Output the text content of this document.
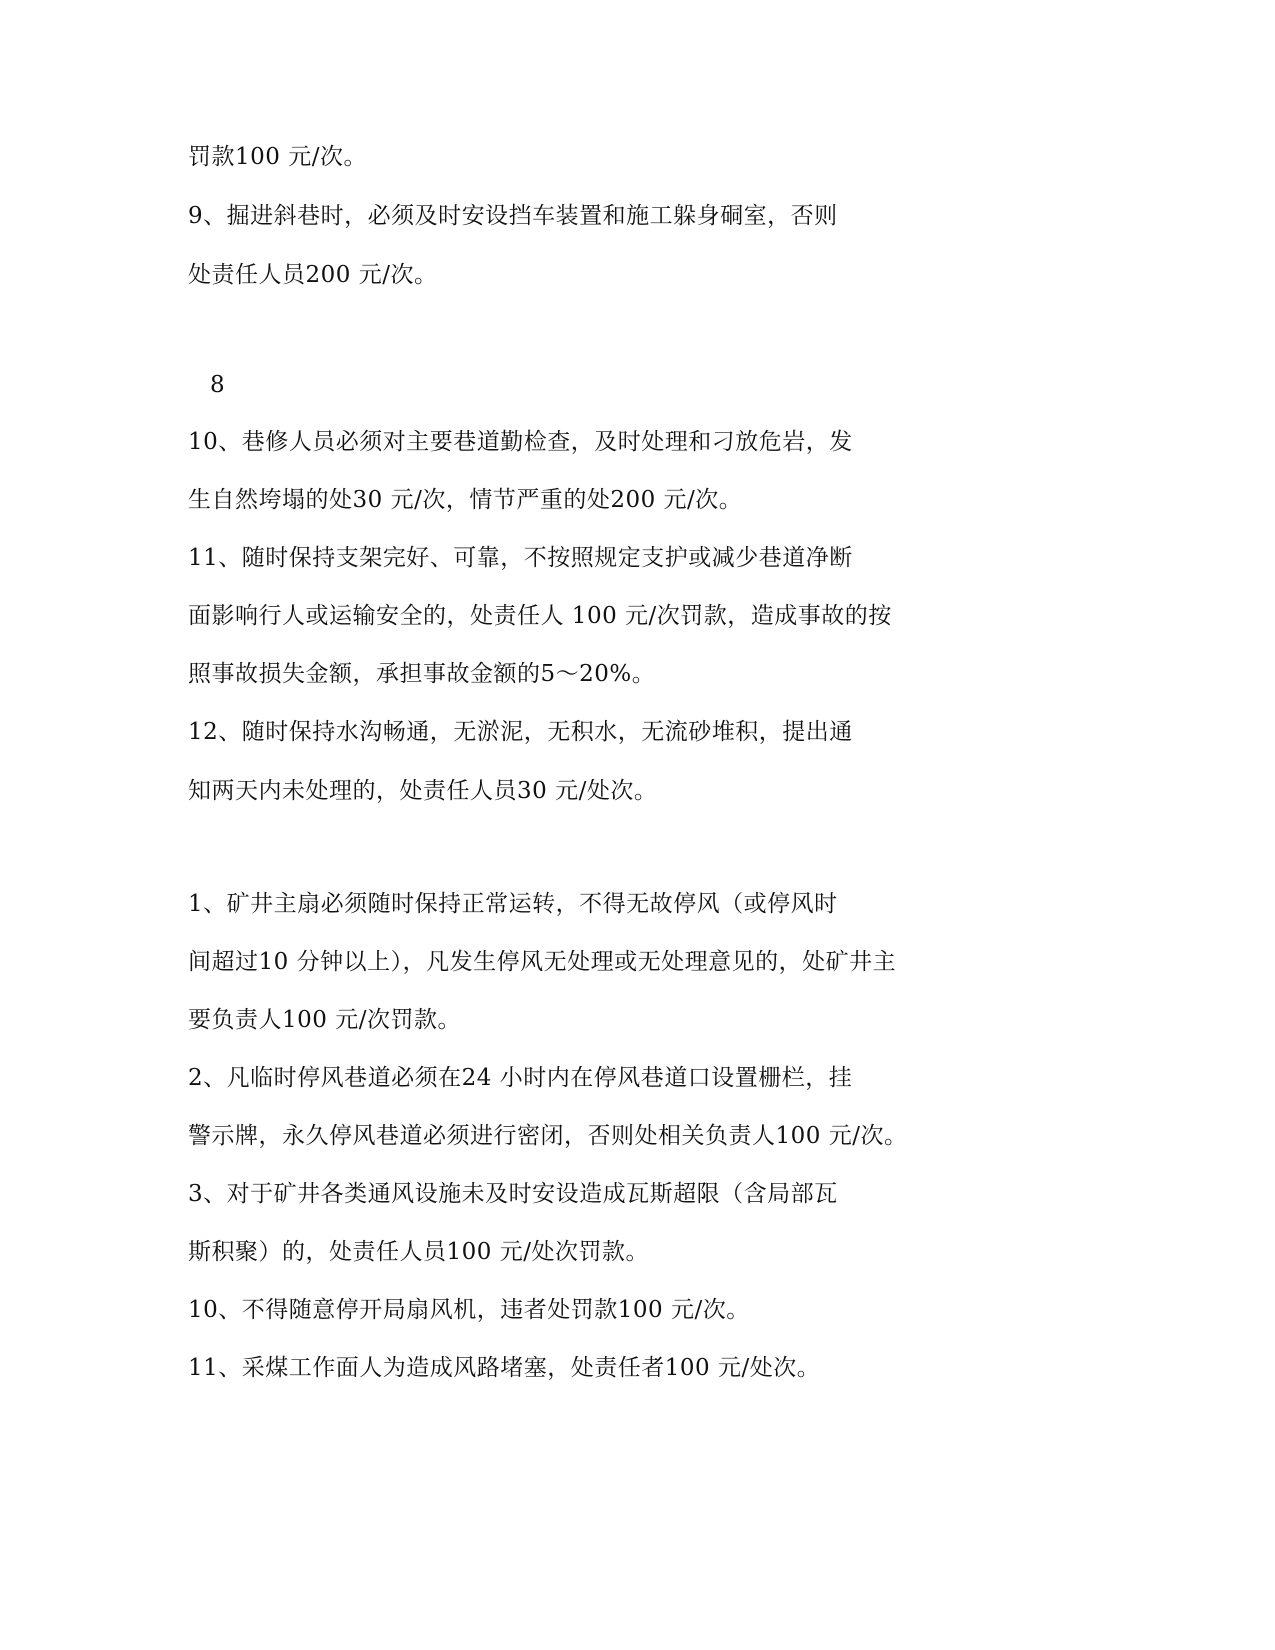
罚款100 元/次。
9、掘进斜巷时，必须及时安设挡车装置和施工躲身硐室，否则
处责任人员200 元/次。
8
10、巷修人员必须对主要巷道勤检查，及时处理和刁放危岩，发
生自然垮塌的处30 元/次，情节严重的处200 元/次。
11、随时保持支架完好、可靠，不按照规定支护或减少巷道净断
面影响行人或运输安全的，处责任人 100 元/次罚款，造成事故的按
照事故损失金额，承担事故金额的5～20%。
12、随时保持水沟畅通，无淤泥，无积水，无流砂堆积，提出通
知两天内未处理的，处责任人员30 元/处次。
1、矿井主扇必须随时保持正常运转，不得无故停风（或停风时
间超过10 分钟以上），凡发生停风无处理或无处理意见的，处矿井主
要负责人100 元/次罚款。
2、凡临时停风巷道必须在24 小时内在停风巷道口设置栅栏，挂
警示牌，永久停风巷道必须进行密闭，否则处相关负责人100 元/次。
3、对于矿井各类通风设施未及时安设造成瓦斯超限（含局部瓦
斯积聚）的，处责任人员100 元/处次罚款。
10、不得随意停开局扇风机，违者处罚款100 元/次。
11、采煤工作面人为造成风路堵塞，处责任者100 元/处次。
